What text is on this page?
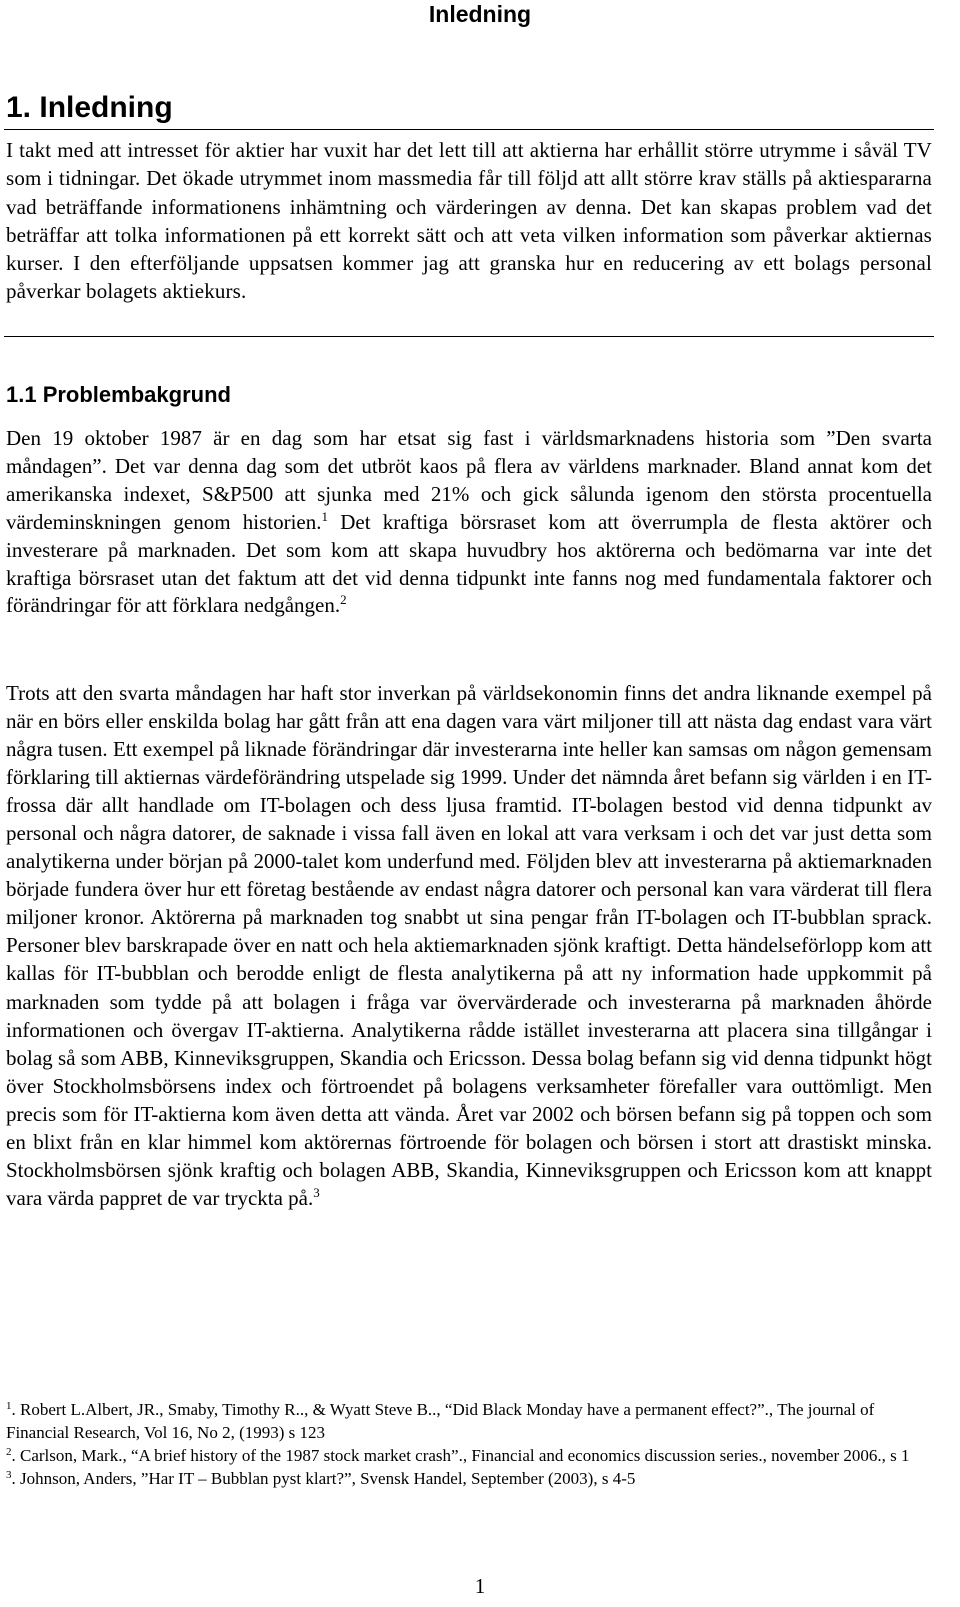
Inledning
1. Inledning
I takt med att intresset för aktier har vuxit har det lett till att aktierna har erhållit större utrymme i såväl TV som i tidningar. Det ökade utrymmet inom massmedia får till följd att allt större krav ställs på aktiespararna vad beträffande informationens inhämtning och värderingen av denna. Det kan skapas problem vad det beträffar att tolka informationen på ett korrekt sätt och att veta vilken information som påverkar aktiernas kurser. I den efterföljande uppsatsen kommer jag att granska hur en reducering av ett bolags personal påverkar bolagets aktiekurs.
1.1 Problembakgrund
Den 19 oktober 1987 är en dag som har etsat sig fast i världsmarknadens historia som ”Den svarta måndagen”. Det var denna dag som det utbröt kaos på flera av världens marknader. Bland annat kom det amerikanska indexet, S&P500 att sjunka med 21% och gick sålunda igenom den största procentuella värdeminskningen genom historien.$^1$ Det kraftiga börsraset kom att överrumpla de flesta aktörer och investerare på marknaden. Det som kom att skapa huvudbry hos aktörerna och bedömarna var inte det kraftiga börsraset utan det faktum att det vid denna tidpunkt inte fanns nog med fundamentala faktorer och förändringar för att förklara nedgången.$^2$
Trots att den svarta måndagen har haft stor inverkan på världsekonomin finns det andra liknande exempel på när en börs eller enskilda bolag har gått från att ena dagen vara värt miljoner till att nästa dag endast vara värt några tusen. Ett exempel på liknade förändringar där investerarna inte heller kan samsas om någon gemensam förklaring till aktiernas värdeförändring utspelade sig 1999. Under det nämnda året befann sig världen i en IT-frossa där allt handlade om IT-bolagen och dess ljusa framtid. IT-bolagen bestod vid denna tidpunkt av personal och några datorer, de saknade i vissa fall även en lokal att vara verksam i och det var just detta som analytikerna under början på 2000-talet kom underfund med. Följden blev att investerarna på aktiemarknaden började fundera över hur ett företag bestående av endast några datorer och personal kan vara värderat till flera miljoner kronor. Aktörerna på marknaden tog snabbt ut sina pengar från IT-bolagen och IT-bubblan sprack. Personer blev barskrapade över en natt och hela aktiemarknaden sjönk kraftigt. Detta händelseförlopp kom att kallas för IT-bubblan och berodde enligt de flesta analytikerna på att ny information hade uppkommit på marknaden som tydde på att bolagen i fråga var övervärderade och investerarna på marknaden åhörde informationen och övergav IT-aktierna. Analytikerna rådde istället investerarna att placera sina tillgångar i bolag så som ABB, Kinneviksgruppen, Skandia och Ericsson. Dessa bolag befann sig vid denna tidpunkt högt över Stockholmsbörsens index och förtroendet på bolagens verksamheter förefaller vara outtömligt. Men precis som för IT-aktierna kom även detta att vända. Året var 2002 och börsen befann sig på toppen och som en blixt från en klar himmel kom aktörernas förtroende för bolagen och börsen i stort att drastiskt minska. Stockholmsbörsen sjönk kraftig och bolagen ABB, Skandia, Kinneviksgruppen och Ericsson kom att knappt vara värda pappret de var tryckta på.$^3$

$^1$. Robert L.Albert, JR., Smaby, Timothy R.., & Wyatt Steve B.., “Did Black Monday have a permanent effect?”., The journal of Financial Research, Vol 16, No 2, (1993) s 123

$^2$. Carlson, Mark., “A brief history of the 1987 stock market crash”., Financial and economics discussion series., november 2006., s 1

$^3$. Johnson, Anders, ”Har IT – Bubblan pyst klart?”, Svensk Handel, September (2003), s 4-5

1
